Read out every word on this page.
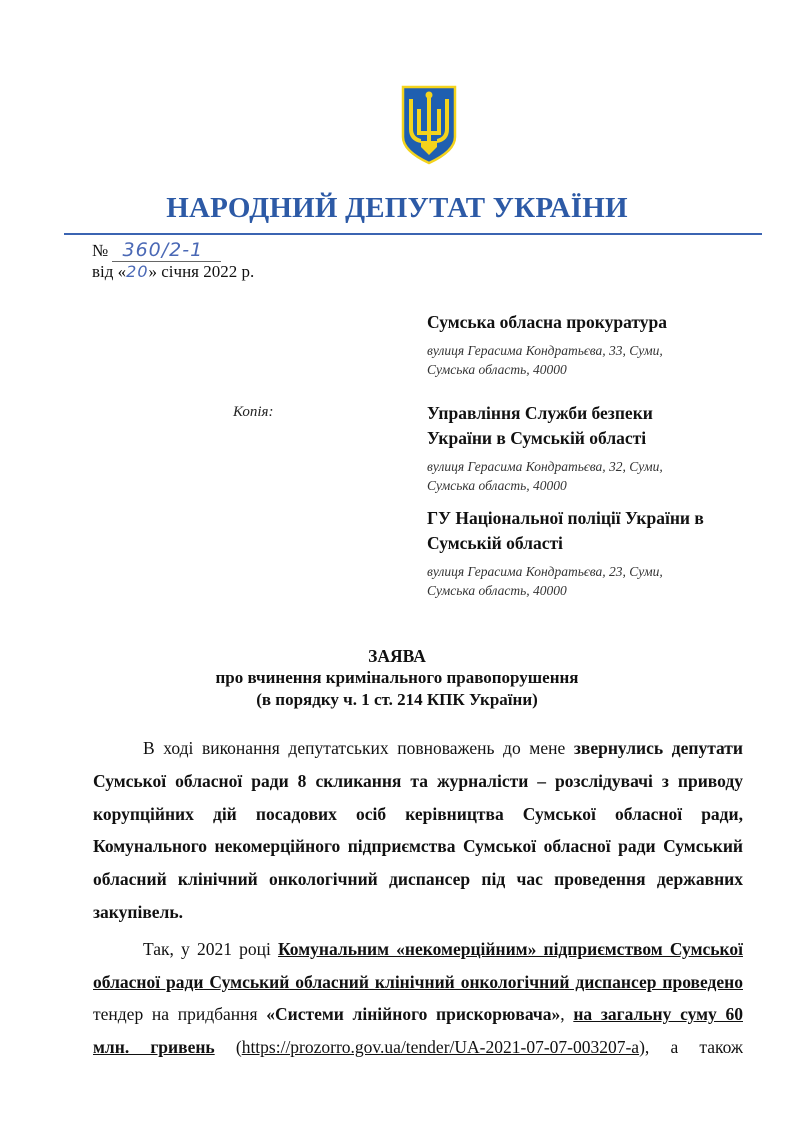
НАРОДНИЙ ДЕПУТАТ УКРАЇНИ
№ 360/2-1
від «20» січня 2022 р.
Сумська обласна прокуратура
вулиця Герасима Кондратьєва, 33, Суми,
Сумська область, 40000
Копія:	Управління Служби безпеки
України в Сумській області
вулиця Герасима Кондратьєва, 32, Суми,
Сумська область, 40000
ГУ Національної поліції України в
Сумській області
вулиця Герасима Кондратьєва, 23, Суми,
Сумська область, 40000
ЗАЯВА
про вчинення кримінального правопорушення
(в порядку ч. 1 ст. 214 КПК України)

В ході виконання депутатських повноважень до мене звернулись депутати Сумської обласної ради 8 скликання та журналісти – розслідувачі з приводу корупційних дій посадових осіб керівництва Сумської обласної ради, Комунального некомерційного підприємства Сумської обласної ради Сумський обласний клінічний онкологічний диспансер під час проведення державних закупівель.

Так, у 2021 році Комунальним «некомерційним» підприємством Сумської обласної ради Сумський обласний клінічний онкологічний диспансер проведено тендер на придбання «Системи лінійного прискорювача», на загальну суму 60 млн. гривень (https://prozorro.gov.ua/tender/UA-2021-07-07-003207-a), а також
